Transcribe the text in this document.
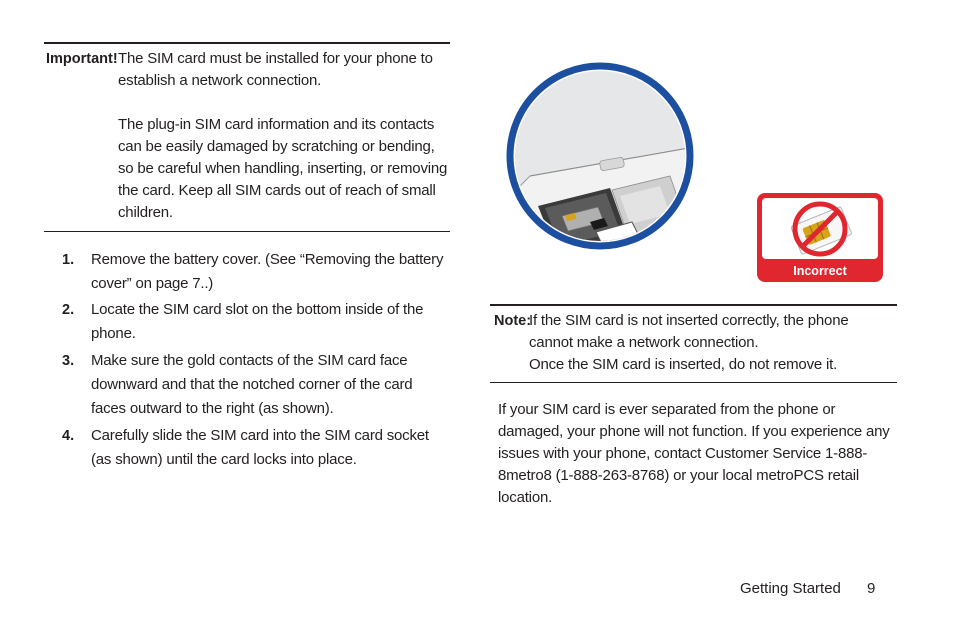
Important! The SIM card must be installed for your phone to establish a network connection.

The plug-in SIM card information and its contacts can be easily damaged by scratching or bending, so be careful when handling, inserting, or removing the card. Keep all SIM cards out of reach of small children.

1. Remove the battery cover. (See “Removing the battery cover” on page 7..)
2. Locate the SIM card slot on the bottom inside of the phone.
3. Make sure the gold contacts of the SIM card face downward and that the notched corner of the card faces outward to the right (as shown).
4. Carefully slide the SIM card into the SIM card socket (as shown) until the card locks into place.
Incorrect
Note:
If the SIM card is not inserted correctly, the phone
cannot make a network connection.
Once the SIM card is inserted, do not remove it.

If your SIM card is ever separated from the phone or damaged, your phone will not function. If you experience any issues with your phone, contact Customer Service 1-888-8metro8 (1-888-263-8768) or your local metroPCS retail location.

Getting Started 9
